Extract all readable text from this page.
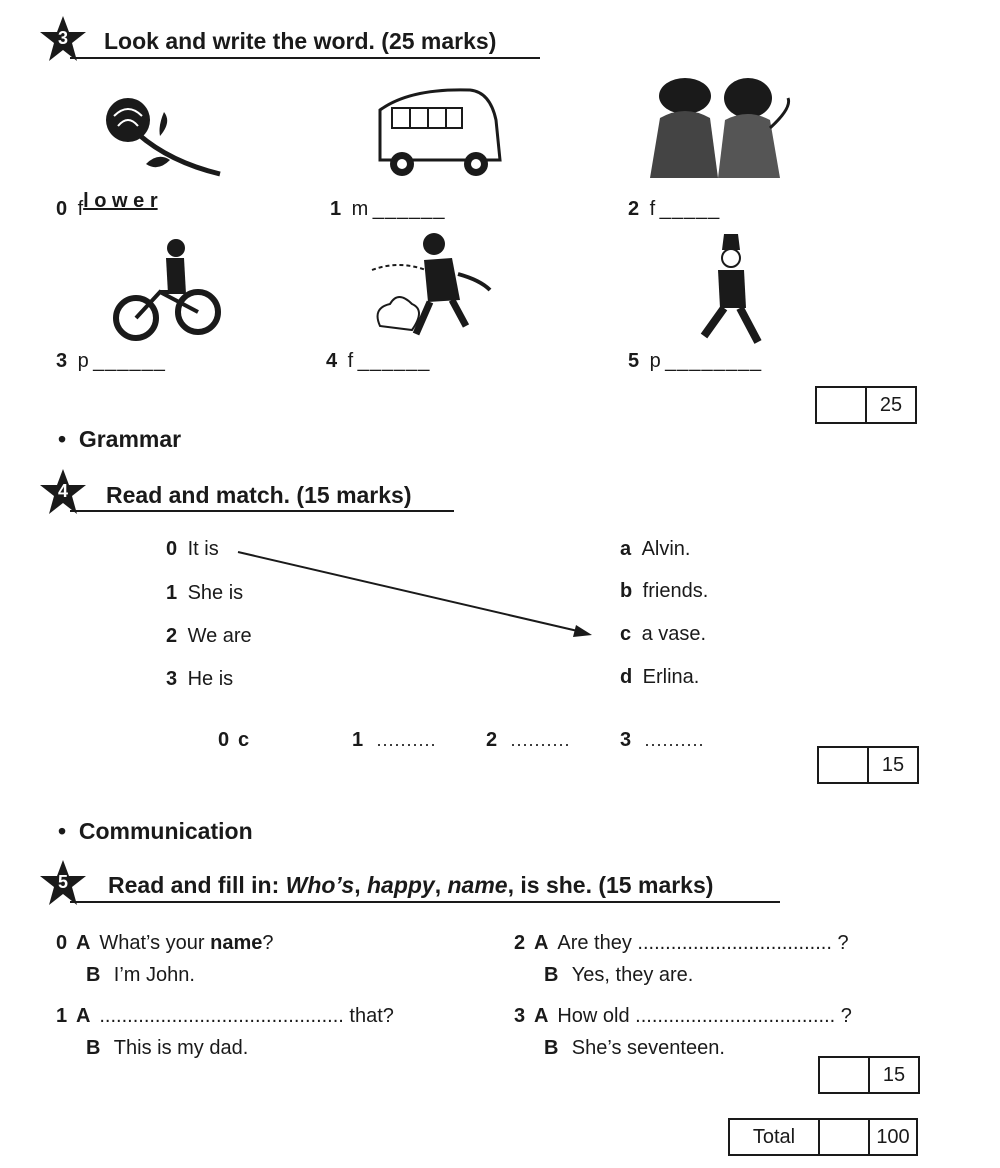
3	Look and write the word. (25 marks)
0 fl o w e r	1 m ______	2 f _____
3 p ______	4 f ______	5 p ________
25
•  Grammar
4	Read and match. (15 marks)
0 It is
1 She is
2 We are
3 He is
a Alvin.
b friends.
c a vase.
d Erlina.
0 c	1 .......... 2 .......... 3 ..........
15
•  Communication
5	Read and fill in: Who’s, happy, name, is she. (15 marks)
0 A What’s your name?
B I’m John.
1 A ............................................ that?
B This is my dad.
2 A Are they ................................... ?
B Yes, they are.
3 A How old .................................... ?
B She’s seventeen.
15
Total	100
